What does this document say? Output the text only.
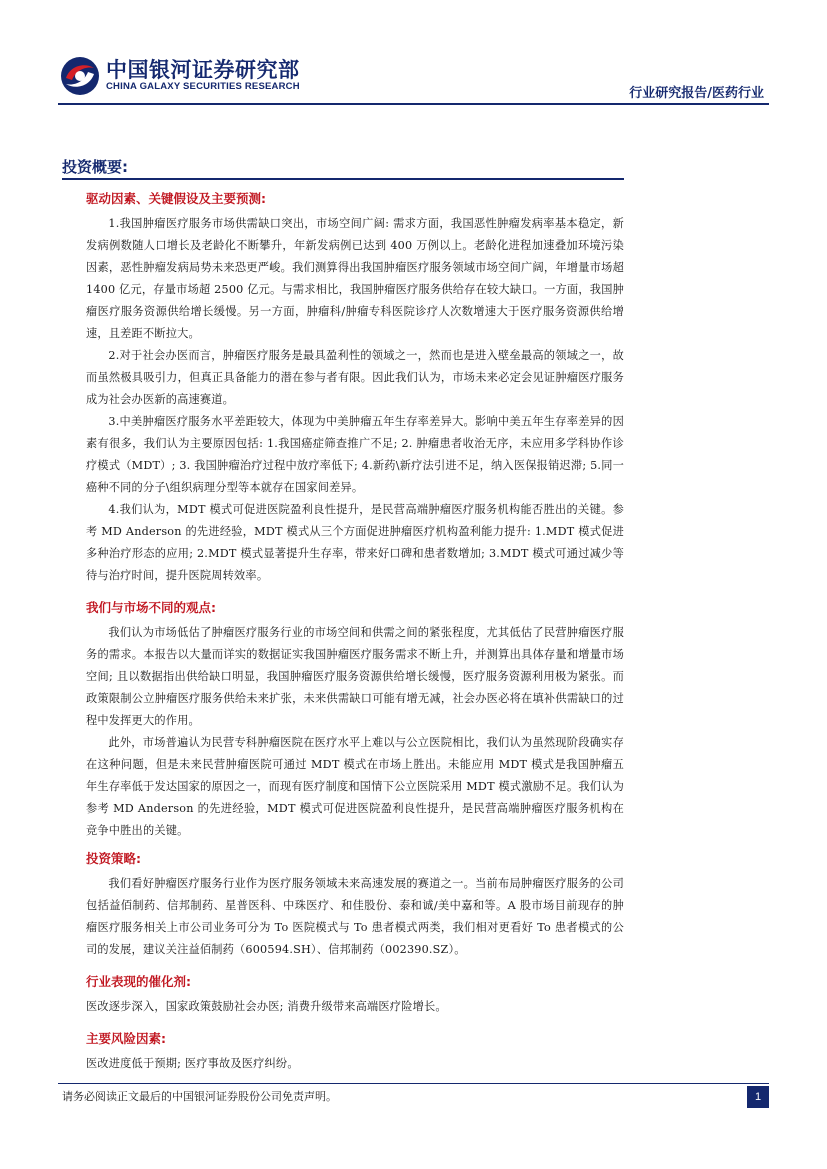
中国银河证券研究部
CHINA GALAXY SECURITIES RESEARCH	行业研究报告/医药行业
投资概要:
驱动因素、关键假设及主要预测:

1.我国肿瘤医疗服务市场供需缺口突出，市场空间广阔: 需求方面，我国恶性肿瘤发病率基本稳定，新发病例数随人口增长及老龄化不断攀升，年新发病例已达到 400 万例以上。老龄化进程加速叠加环境污染因素，恶性肿瘤发病局势未来恐更严峻。我们测算得出我国肿瘤医疗服务领域市场空间广阔，年增量市场超 1400 亿元，存量市场超 2500 亿元。与需求相比，我国肿瘤医疗服务供给存在较大缺口。一方面，我国肿瘤医疗服务资源供给增长缓慢。另一方面，肿瘤科/肿瘤专科医院诊疗人次数增速大于医疗服务资源供给增速，且差距不断拉大。

2.对于社会办医而言，肿瘤医疗服务是最具盈利性的领域之一，然而也是进入壁垒最高的领域之一，故而虽然极具吸引力，但真正具备能力的潜在参与者有限。因此我们认为，市场未来必定会见证肿瘤医疗服务成为社会办医新的高速赛道。

3.中美肿瘤医疗服务水平差距较大，体现为中美肿瘤五年生存率差异大。影响中美五年生存率差异的因素有很多，我们认为主要原因包括: 1.我国癌症筛查推广不足; 2. 肿瘤患者收治无序，未应用多学科协作诊疗模式（MDT）; 3. 我国肿瘤治疗过程中放疗率低下; 4.新药\新疗法引进不足，纳入医保报销迟滞; 5.同一癌种不同的分子\组织病理分型等本就存在国家间差异。

4.我们认为，MDT 模式可促进医院盈利良性提升，是民营高端肿瘤医疗服务机构能否胜出的关键。参考 MD Anderson 的先进经验，MDT 模式从三个方面促进肿瘤医疗机构盈利能力提升: 1.MDT 模式促进多种治疗形态的应用; 2.MDT 模式显著提升生存率，带来好口碑和患者数增加; 3.MDT 模式可通过减少等待与治疗时间，提升医院周转效率。

我们与市场不同的观点:

我们认为市场低估了肿瘤医疗服务行业的市场空间和供需之间的紧张程度，尤其低估了民营肿瘤医疗服务的需求。本报告以大量而详实的数据证实我国肿瘤医疗服务需求不断上升，并测算出具体存量和增量市场空间; 且以数据指出供给缺口明显，我国肿瘤医疗服务资源供给增长缓慢，医疗服务资源利用极为紧张。而政策限制公立肿瘤医疗服务供给未来扩张，未来供需缺口可能有增无减，社会办医必将在填补供需缺口的过程中发挥更大的作用。

此外，市场普遍认为民营专科肿瘤医院在医疗水平上难以与公立医院相比，我们认为虽然现阶段确实存在这种问题，但是未来民营肿瘤医院可通过 MDT 模式在市场上胜出。未能应用 MDT 模式是我国肿瘤五年生存率低于发达国家的原因之一，而现有医疗制度和国情下公立医院采用 MDT 模式激励不足。我们认为参考 MD Anderson 的先进经验，MDT 模式可促进医院盈利良性提升，是民营高端肿瘤医疗服务机构在竞争中胜出的关键。

投资策略:

我们看好肿瘤医疗服务行业作为医疗服务领域未来高速发展的赛道之一。当前布局肿瘤医疗服务的公司包括益佰制药、信邦制药、星普医科、中珠医疗、和佳股份、泰和诚/美中嘉和等。A 股市场目前现存的肿瘤医疗服务相关上市公司业务可分为 To 医院模式与 To 患者模式两类，我们相对更看好 To 患者模式的公司的发展，建议关注益佰制药（600594.SH）、信邦制药（002390.SZ）。

行业表现的催化剂:

医改逐步深入，国家政策鼓励社会办医; 消费升级带来高端医疗险增长。

主要风险因素:

医改进度低于预期; 医疗事故及医疗纠纷。

请务必阅读正文最后的中国银河证券股份公司免责声明。	1
